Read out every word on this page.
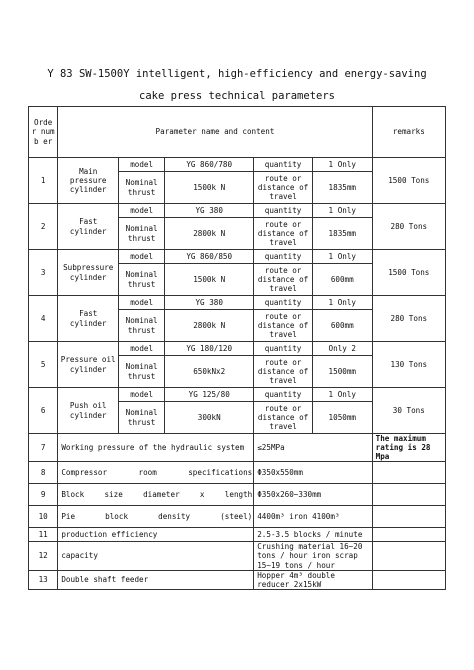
Y 83 SW-1500Y intelligent, high-efficiency and energy-saving
cake press technical parameters
Orde r numb er	Parameter name and content					remarks
1	Main pressure cylinder	model	YG 860/780	quantity	1 Only	1500 Tons
		Nominal thrust	1500k N	route or distance of travel	1835mm	
2	Fast cylinder	model	YG 380	quantity	1 Only	280 Tons
		Nominal thrust	2800k N	route or distance of travel	1835mm	
3	Subpressure cylinder	model	YG 860/850	quantity	1 Only	1500 Tons
		Nominal thrust	1500k N	route or distance of travel	600mm	
4	Fast cylinder	model	YG 380	quantity	1 Only	280 Tons
		Nominal thrust	2800k N	route or distance of travel	600mm	
5	Pressure oil cylinder	model	YG 180/120	quantity	Only 2	130 Tons
		Nominal thrust	650kNx2	route or distance of travel	1500mm	
6	Push oil cylinder	model	YG 125/80	quantity	1 Only	30 Tons
		Nominal thrust	300kN	route or distance of travel	1050mm	
7	Working pressure of the hydraulic system			≤25MPa		The maximum rating is 28 Mpa
8	Compressor room specifications			Φ350x550mm		
9	Block size diameter x length			Φ350x260~330mm		
10	Pie block density (steel)			4400m³ iron 4100m³		
11	production efficiency			2.5-3.5 blocks / minute		
12	capacity			Crushing material 16~20 tons / hour iron scrap 15~19 tons / hour		
13	Double shaft feeder			Hopper 4m³ double reducer 2x15kW		
